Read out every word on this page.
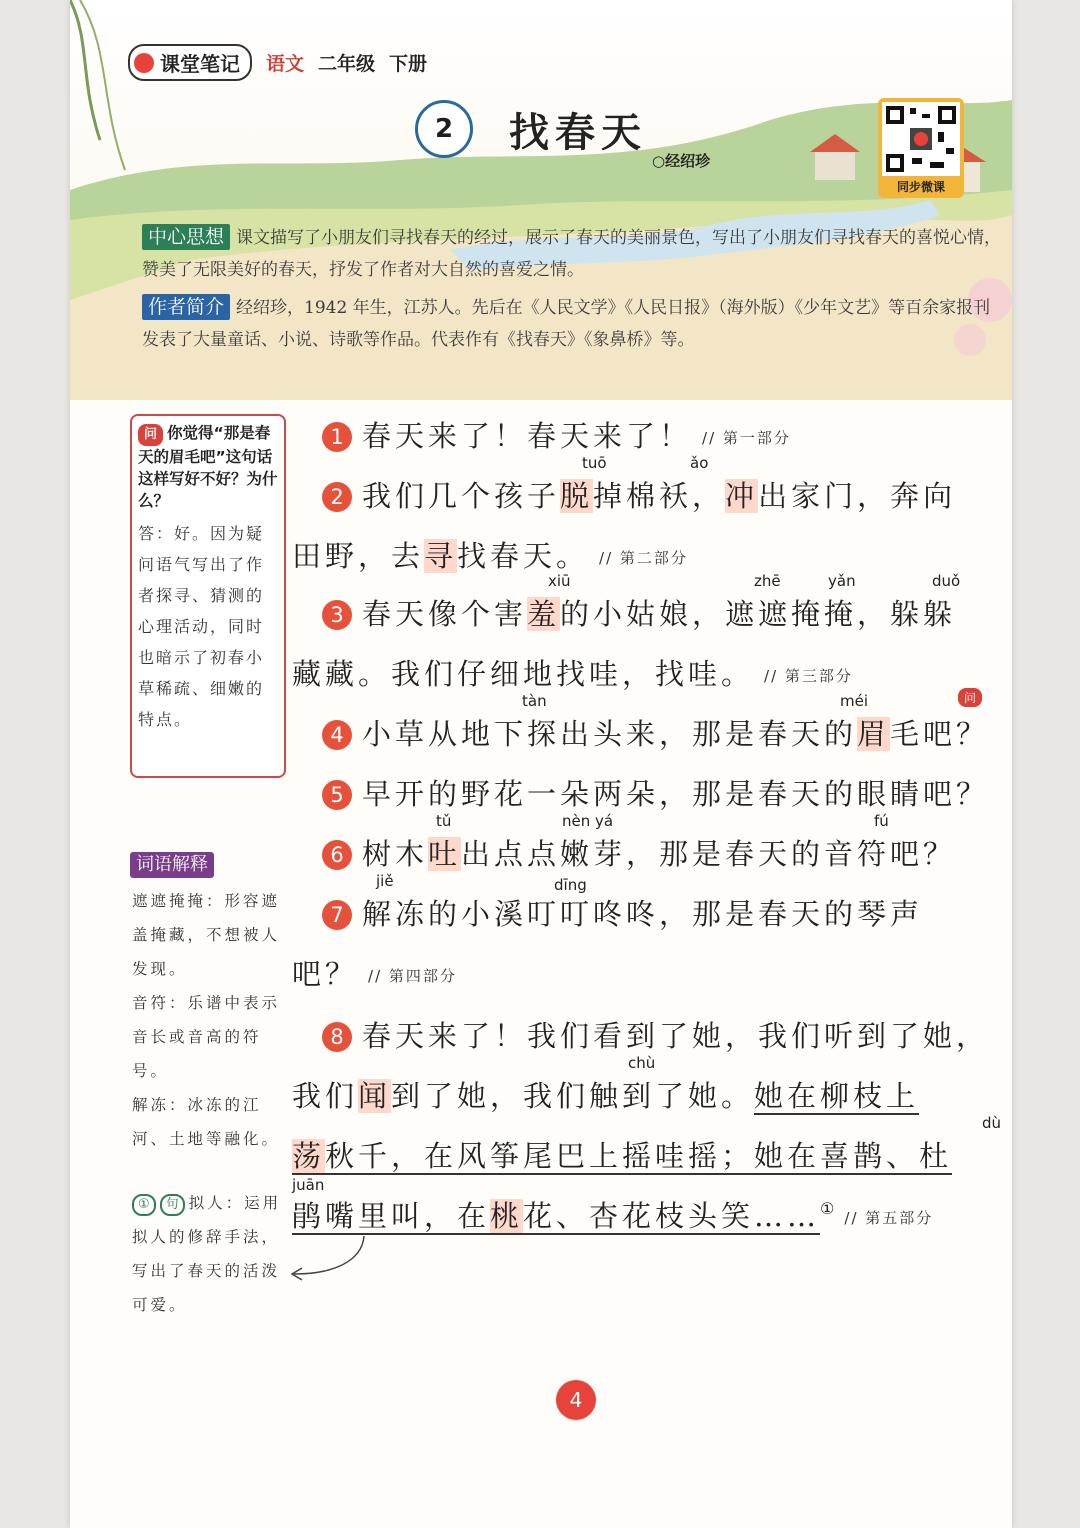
课堂笔记 语文 二年级 下册
2	找春天
○经绍珍
同步微课

中心思想 课文描写了小朋友们寻找春天的经过，展示了春天的美丽景色，写出了小朋友们寻找春天的喜悦心情，赞美了无限美好的春天，抒发了作者对大自然的喜爱之情。

作者简介 经绍珍，1942 年生，江苏人。先后在《人民文学》《人民日报》（海外版）《少年文艺》等百余家报刊发表了大量童话、小说、诗歌等作品。代表作有《找春天》《象鼻桥》等。

问 你觉得“那是春天的眉毛吧”这句话这样写好不好？为什么？
答：好。因为疑问语气写出了作者探寻、猜测的心理活动，同时也暗示了初春小草稀疏、细嫩的特点。
词语解释

遮遮掩掩：形容遮盖掩藏，不想被人发现。

音符：乐谱中表示音长或音高的符号。

解冻：冰冻的江河、土地等融化。

① 句 拟人：运用拟人的修辞手法，写出了春天的活泼可爱。
1 春天来了！春天来了！ // 第一部分
tuō	ǎo
2 我们几个孩子脱掉棉袄，冲出家门，奔向
田野，去寻找春天。 // 第二部分
xiū	zhē	yǎn	duǒ
3 春天像个害羞的小姑娘，遮遮掩掩，躲躲
藏藏。我们仔细地找哇，找哇。 // 第三部分
tàn	méi
4 小草从地下探出头来，那是春天的眉毛吧？
5 早开的野花一朵两朵，那是春天的眼睛吧？
tǔ	nèn yá	fú
6 树木吐出点点嫩芽，那是春天的音符吧？
jiě	dīng
7 解冻的小溪叮叮咚咚，那是春天的琴声
吧？ // 第四部分
8 春天来了！我们看到了她，我们听到了她，
chù
我们闻到了她，我们触到了她。她在柳枝上
dù
荡秋千，在风筝尾巴上摇哇摇；她在喜鹊、杜
juān
鹃嘴里叫，在桃花、杏花枝头笑……① // 第五部分
问
4
